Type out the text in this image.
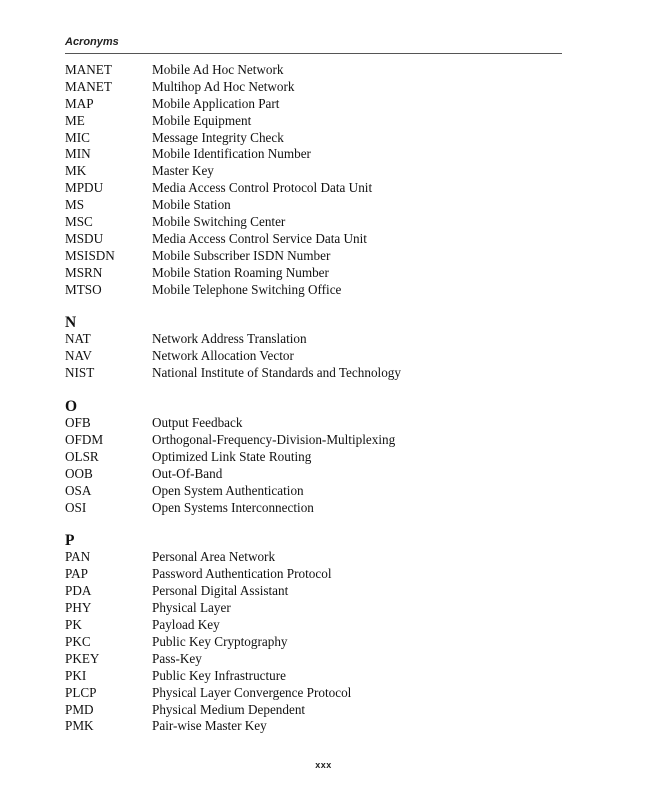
Acronyms
MANET	Mobile Ad Hoc Network
MANET	Multihop Ad Hoc Network
MAP	Mobile Application Part
ME	Mobile Equipment
MIC	Message Integrity Check
MIN	Mobile Identification Number
MK	Master Key
MPDU	Media Access Control Protocol Data Unit
MS	Mobile Station
MSC	Mobile Switching Center
MSDU	Media Access Control Service Data Unit
MSISDN	Mobile Subscriber ISDN Number
MSRN	Mobile Station Roaming Number
MTSO	Mobile Telephone Switching Office
N
NAT	Network Address Translation
NAV	Network Allocation Vector
NIST	National Institute of Standards and Technology
O
OFB	Output Feedback
OFDM	Orthogonal-Frequency-Division-Multiplexing
OLSR	Optimized Link State Routing
OOB	Out-Of-Band
OSA	Open System Authentication
OSI	Open Systems Interconnection
P
PAN	Personal Area Network
PAP	Password Authentication Protocol
PDA	Personal Digital Assistant
PHY	Physical Layer
PK	Payload Key
PKC	Public Key Cryptography
PKEY	Pass-Key
PKI	Public Key Infrastructure
PLCP	Physical Layer Convergence Protocol
PMD	Physical Medium Dependent
PMK	Pair-wise Master Key
xxx
